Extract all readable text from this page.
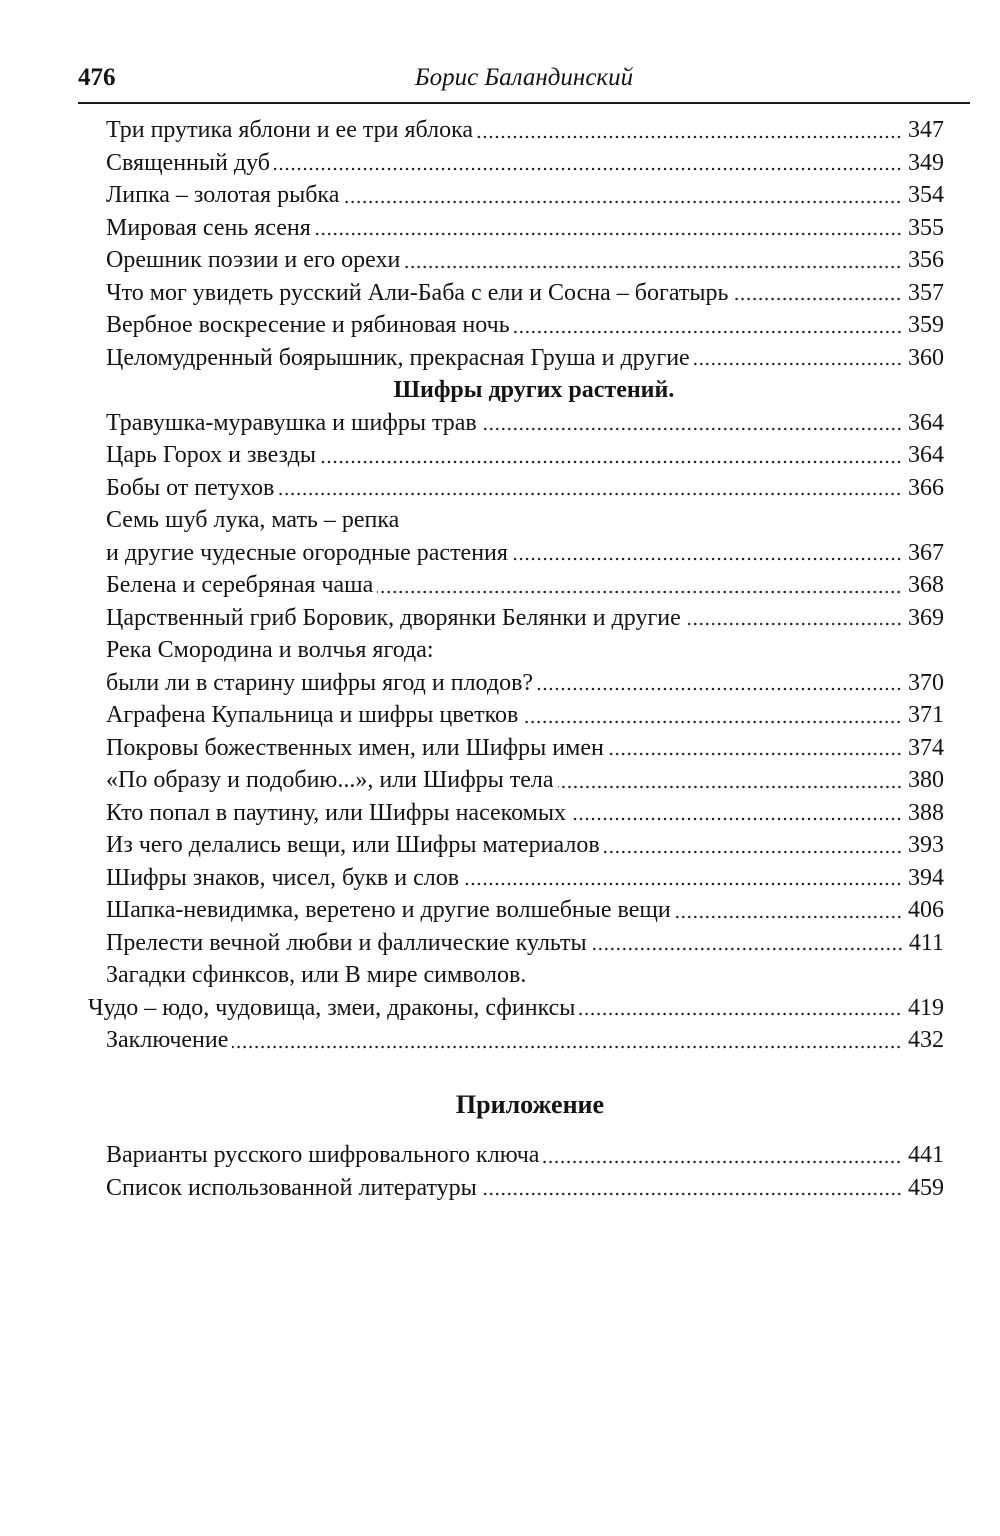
476	Борис Баландинский
Три прутика яблони и ее три яблока	347
Священный дуб	349
Липка – золотая рыбка	354
Мировая сень ясеня	355
Орешник поэзии и его орехи	356
Что мог увидеть русский Али-Баба с ели и Сосна – богатырь	357
Вербное воскресение и рябиновая ночь	359
Целомудренный боярышник, прекрасная Груша и другие	360
Шифры других растений.
Травушка-муравушка и шифры трав	364
Царь Горох и звезды	364
Бобы от петухов	366
Семь шуб лука, мать – репка
и другие чудесные огородные растения	367
Белена и серебряная чаша	368
Царственный гриб Боровик, дворянки Белянки и другие	369
Река Смородина и волчья ягода:
были ли в старину шифры ягод и плодов?	370
Аграфена Купальница и шифры цветков	371
Покровы божественных имен, или Шифры имен	374
«По образу и подобию...», или Шифры тела	380
Кто попал в паутину, или Шифры насекомых	388
Из чего делались вещи, или Шифры материалов	393
Шифры знаков, чисел, букв и слов	394
Шапка-невидимка, веретено и другие волшебные вещи	406
Прелести вечной любви и фаллические культы	411
Загадки сфинксов, или В мире символов.
Чудо – юдо, чудовища, змеи, драконы, сфинксы	419
Заключение	432
Приложение
Варианты русского шифровального ключа	441
Список использованной литературы	459
